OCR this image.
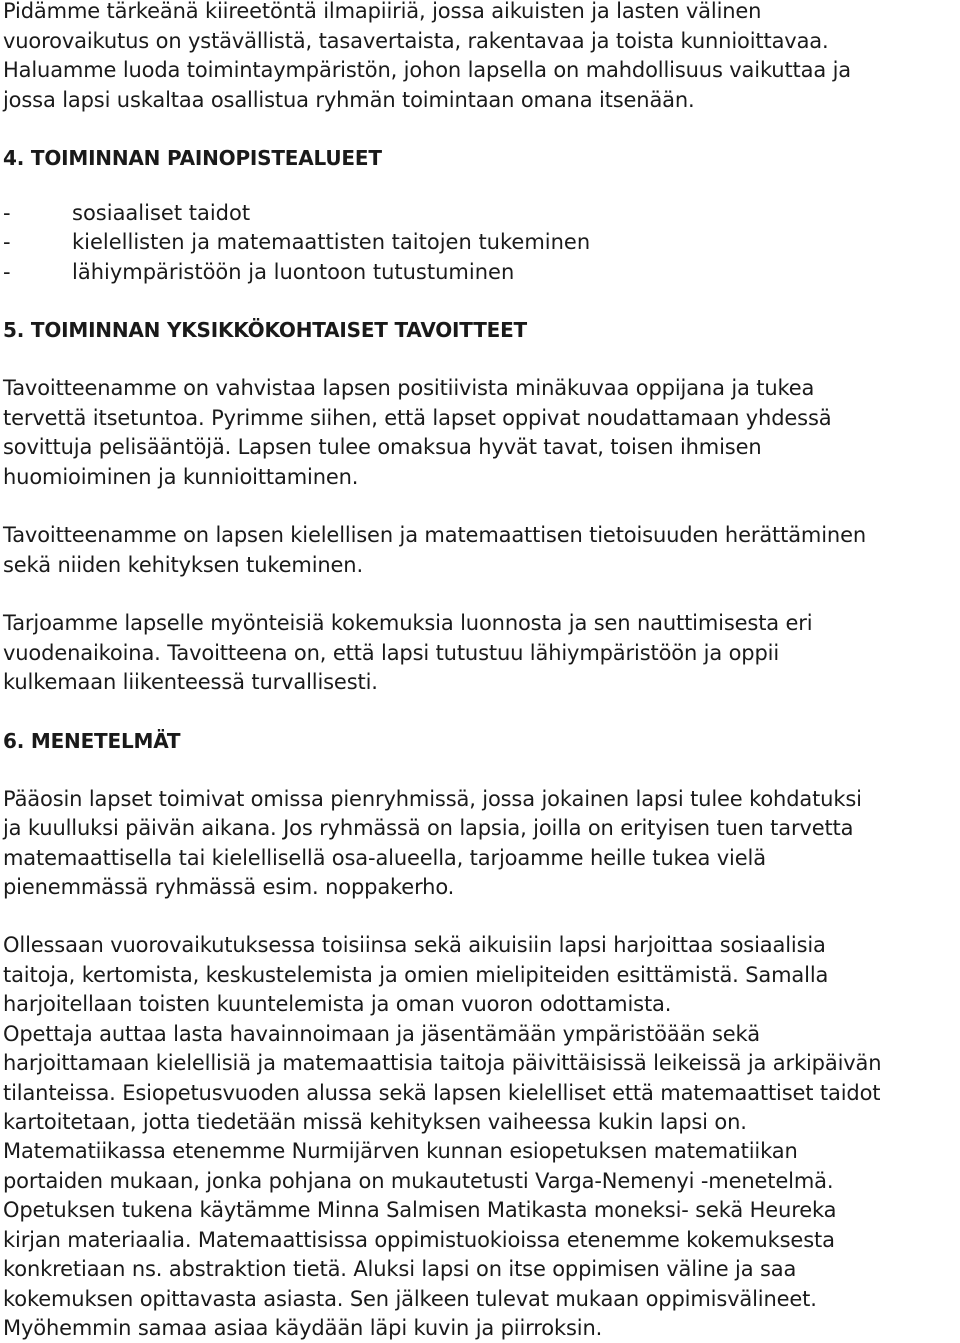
Pidämme tärkeänä kiireetöntä ilmapiiriä, jossa aikuisten ja lasten välinen
vuorovaikutus on ystävällistä, tasavertaista, rakentavaa ja toista kunnioittavaa.
Haluamme luoda toimintaympäristön, johon lapsella on mahdollisuus vaikuttaa ja
jossa lapsi uskaltaa osallistua ryhmän toimintaan omana itsenään.
4. TOIMINNAN PAINOPISTEALUEET
-	sosiaaliset taidot
-	kielellisten ja matemaattisten taitojen tukeminen
-	lähiympäristöön ja luontoon tutustuminen
5. TOIMINNAN YKSIKKÖKOHTAISET TAVOITTEET
Tavoitteenamme on vahvistaa lapsen positiivista minäkuvaa oppijana ja tukea
tervettä itsetuntoa. Pyrimme siihen, että lapset oppivat noudattamaan yhdessä
sovittuja pelisääntöjä. Lapsen tulee omaksua hyvät tavat, toisen ihmisen
huomioiminen ja kunnioittaminen.
Tavoitteenamme on lapsen kielellisen ja matemaattisen tietoisuuden herättäminen
sekä niiden kehityksen tukeminen.
Tarjoamme lapselle myönteisiä kokemuksia luonnosta ja sen nauttimisesta eri
vuodenaikoina. Tavoitteena on, että lapsi tutustuu lähiympäristöön ja oppii
kulkemaan liikenteessä turvallisesti.
6. MENETELMÄT
Pääosin lapset toimivat omissa pienryhmissä, jossa jokainen lapsi tulee kohdatuksi
ja kuulluksi päivän aikana. Jos ryhmässä on lapsia, joilla on erityisen tuen tarvetta
matemaattisella tai kielellisellä osa-alueella, tarjoamme heille tukea vielä
pienemmässä ryhmässä esim. noppakerho.
Ollessaan vuorovaikutuksessa toisiinsa sekä aikuisiin lapsi harjoittaa sosiaalisia
taitoja, kertomista, keskustelemista ja omien mielipiteiden esittämistä. Samalla
harjoitellaan toisten kuuntelemista ja oman vuoron odottamista.
Opettaja auttaa lasta havainnoimaan ja jäsentämään ympäristöään sekä
harjoittamaan kielellisiä ja matemaattisia taitoja päivittäisissä leikeissä ja arkipäivän
tilanteissa. Esiopetusvuoden alussa sekä lapsen kielelliset että matemaattiset taidot
kartoitetaan, jotta tiedetään missä kehityksen vaiheessa kukin lapsi on.
Matematiikassa etenemme Nurmijärven kunnan esiopetuksen matematiikan
portaiden mukaan, jonka pohjana on mukautetusti Varga-Nemenyi -menetelmä.
Opetuksen tukena käytämme Minna Salmisen Matikasta moneksi- sekä Heureka
kirjan materiaalia. Matemaattisissa oppimistuokioissa etenemme kokemuksesta
konkretiaan ns. abstraktion tietä. Aluksi lapsi on itse oppimisen väline ja saa
kokemuksen opittavasta asiasta. Sen jälkeen tulevat mukaan oppimisvälineet.
Myöhemmin samaa asiaa käydään läpi kuvin ja piirroksin.
